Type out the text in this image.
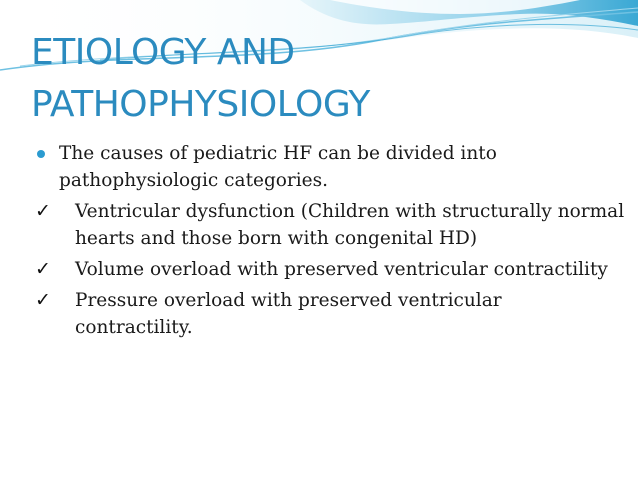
ETIOLOGY AND
PATHOPHYSIOLOGY
The causes of pediatric HF can be divided into pathophysiologic categories.
✓ Ventricular dysfunction (Children with structurally normal hearts and those born with congenital HD)
✓ Volume overload with preserved ventricular contractility
✓ Pressure overload with preserved ventricular contractility.
